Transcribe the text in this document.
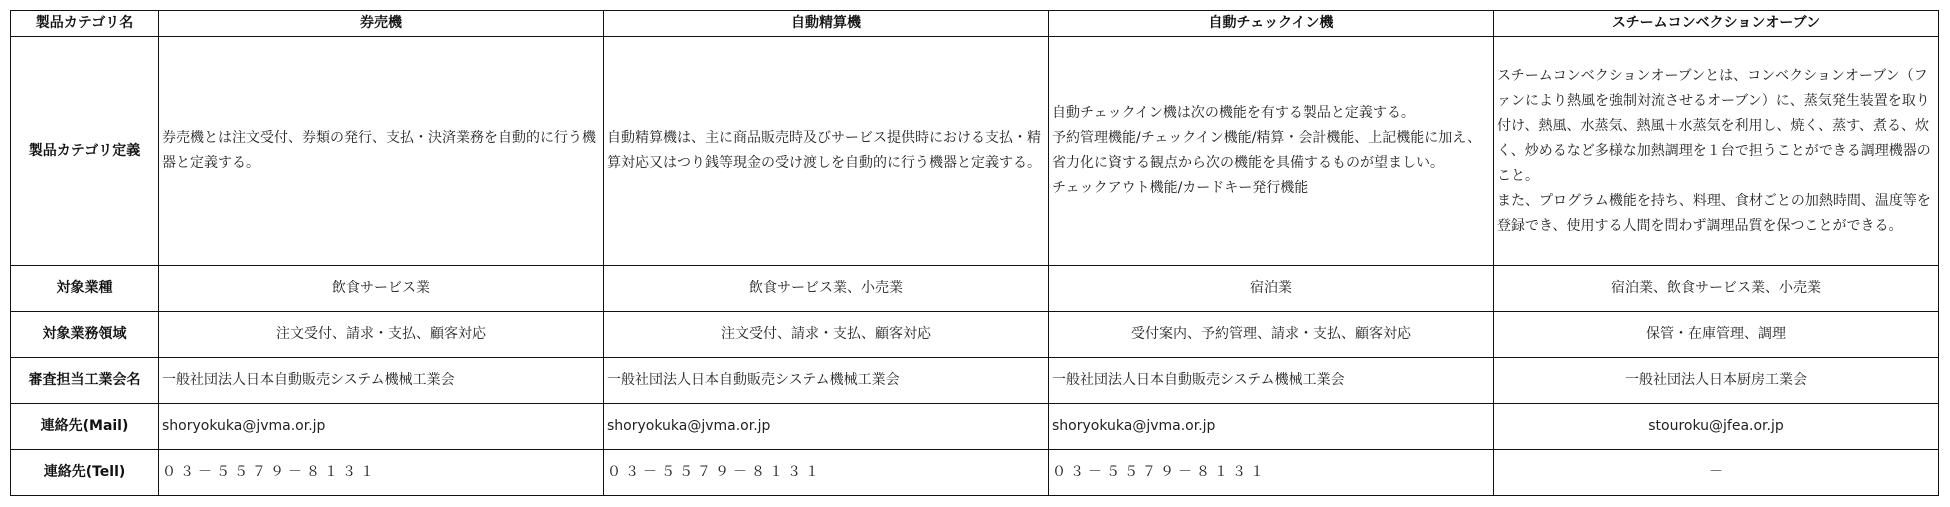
製品カテゴリ名	券売機	自動精算機	自動チェックイン機	スチームコンベクションオーブン
製品カテゴリ定義	券売機とは注文受付、券類の発行、支払・決済業務を自動的に行う機器と定義する。	自動精算機は、主に商品販売時及びサービス提供時における支払・精算対応又はつり銭等現金の受け渡しを自動的に行う機器と定義する。	自動チェックイン機は次の機能を有する製品と定義する。
予約管理機能/チェックイン機能/精算・会計機能、上記機能に加え、省力化に資する観点から次の機能を具備するものが望ましい。
チェックアウト機能/カードキー発行機能	スチームコンベクションオーブンとは、コンベクションオーブン（ファンにより熱風を強制対流させるオーブン）に、蒸気発生装置を取り付け、熱風、水蒸気、熱風＋水蒸気を利用し、焼く、蒸す、煮る、炊く、炒めるなど多様な加熱調理を１台で担うことができる調理機器のこと。
また、プログラム機能を持ち、料理、食材ごとの加熱時間、温度等を登録でき、使用する人間を問わず調理品質を保つことができる。

対象業種	飲食サービス業	飲食サービス業、小売業	宿泊業	宿泊業、飲食サービス業、小売業
対象業務領域	注文受付、請求・支払、顧客対応	注文受付、請求・支払、顧客対応	受付案内、予約管理、請求・支払、顧客対応	保管・在庫管理、調理
審査担当工業会名	一般社団法人日本自動販売システム機械工業会	一般社団法人日本自動販売システム機械工業会	一般社団法人日本自動販売システム機械工業会	一般社団法人日本厨房工業会
連絡先(Mail)	shoryokuka@jvma.or.jp	shoryokuka@jvma.or.jp	shoryokuka@jvma.or.jp	stouroku@jfea.or.jp
連絡先(Tell)	０３－５５７９－８１３１	０３－５５７９－８１３１	０３－５５７９－８１３１	－
